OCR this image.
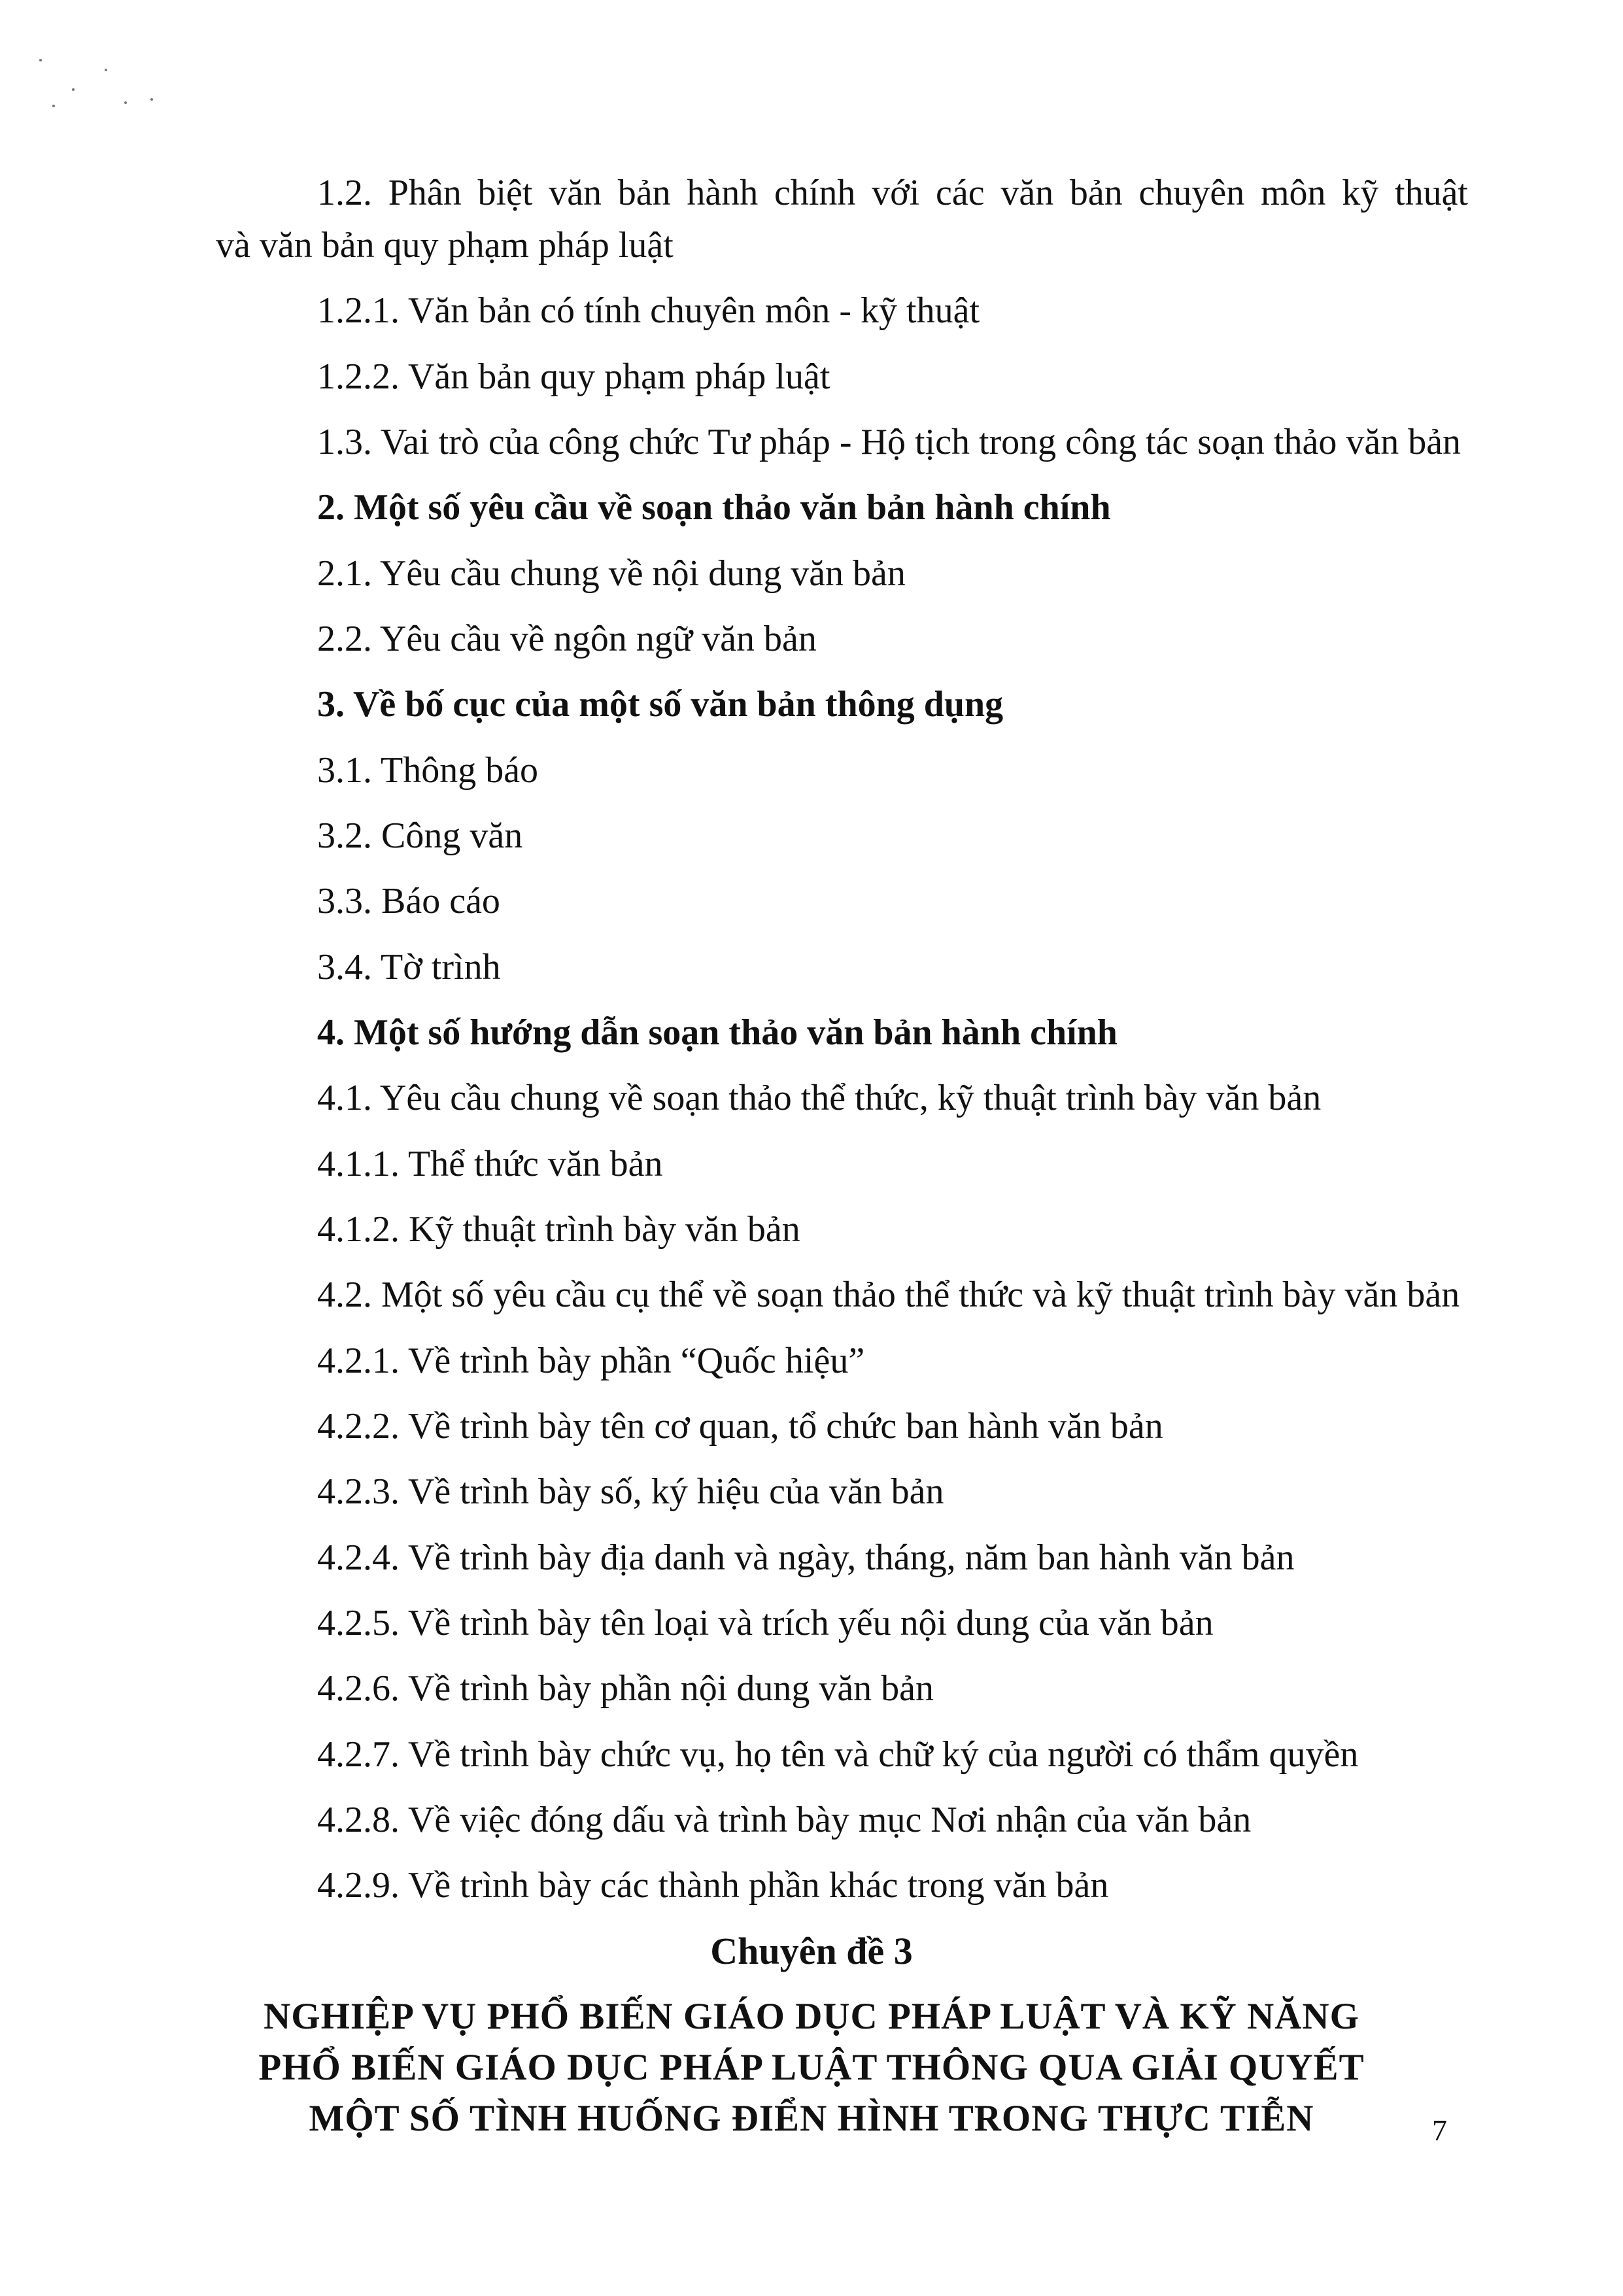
1.2. Phân biệt văn bản hành chính với các văn bản chuyên môn kỹ thuật
và văn bản quy phạm pháp luật
1.2.1. Văn bản có tính chuyên môn - kỹ thuật
1.2.2. Văn bản quy phạm pháp luật
1.3. Vai trò của công chức Tư pháp - Hộ tịch trong công tác soạn thảo văn bản
2. Một số yêu cầu về soạn thảo văn bản hành chính
2.1. Yêu cầu chung về nội dung văn bản
2.2. Yêu cầu về ngôn ngữ văn bản
3. Về bố cục của một số văn bản thông dụng
3.1. Thông báo
3.2. Công văn
3.3. Báo cáo
3.4. Tờ trình
4. Một số hướng dẫn soạn thảo văn bản hành chính
4.1. Yêu cầu chung về soạn thảo thể thức, kỹ thuật trình bày văn bản
4.1.1. Thể thức văn bản
4.1.2. Kỹ thuật trình bày văn bản
4.2. Một số yêu cầu cụ thể về soạn thảo thể thức và kỹ thuật trình bày văn bản
4.2.1. Về trình bày phần “Quốc hiệu”
4.2.2. Về trình bày tên cơ quan, tổ chức ban hành văn bản
4.2.3. Về trình bày số, ký hiệu của văn bản
4.2.4. Về trình bày địa danh và ngày, tháng, năm ban hành văn bản
4.2.5. Về trình bày tên loại và trích yếu nội dung của văn bản
4.2.6. Về trình bày phần nội dung văn bản
4.2.7. Về trình bày chức vụ, họ tên và chữ ký của người có thẩm quyền
4.2.8. Về việc đóng dấu và trình bày mục Nơi nhận của văn bản
4.2.9. Về trình bày các thành phần khác trong văn bản
Chuyên đề 3
NGHIỆP VỤ PHỔ BIẾN GIÁO DỤC PHÁP LUẬT VÀ KỸ NĂNG
PHỔ BIẾN GIÁO DỤC PHÁP LUẬT THÔNG QUA GIẢI QUYẾT
MỘT SỐ TÌNH HUỐNG ĐIỂN HÌNH TRONG THỰC TIỄN	7
